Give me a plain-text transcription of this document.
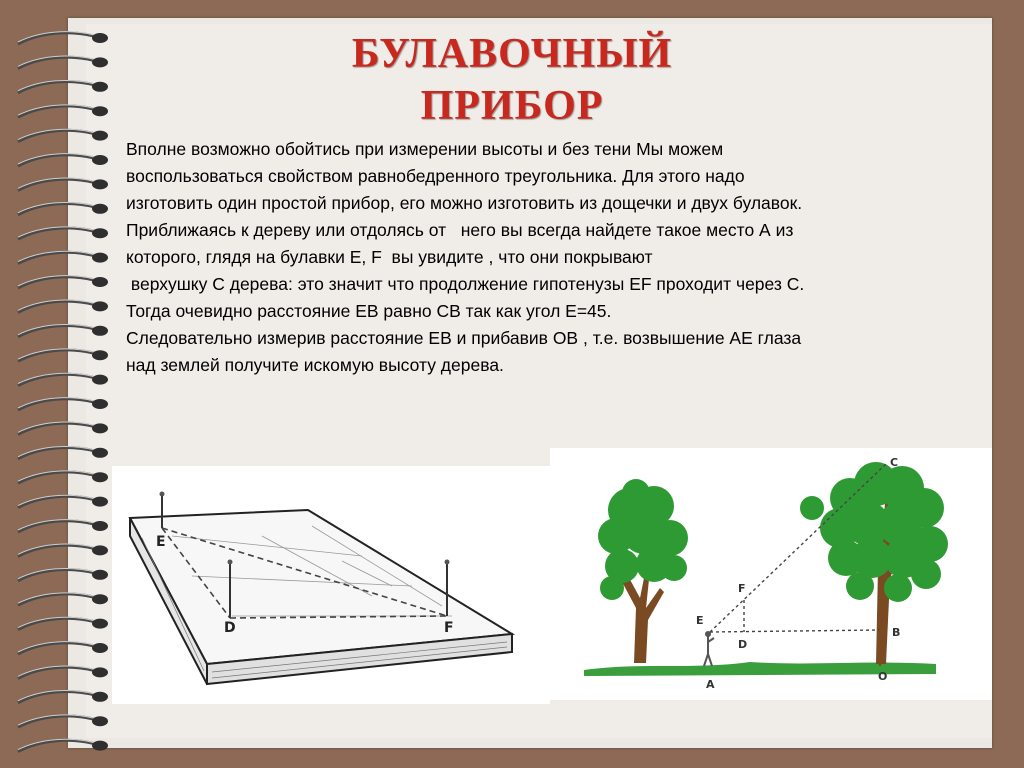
БУЛАВОЧНЫЙ
ПРИБОР
Вполне возможно обойтись при измерении высоты и без тени Мы можем
воспользоваться свойством равнобедренного треугольника. Для этого надо
изготовить один простой прибор, его можно изготовить из дощечки и двух булавок.
Приближаясь к дереву или отдолясь от   него вы всегда найдете такое место А из
которого, глядя на булавки Е, F  вы увидите , что они покрывают
верхушку С дерева: это значит что продолжение гипотенузы EF проходит через С.
Тогда очевидно расстояние ЕВ равно СВ так как угол Е=45.
Следовательно измерив расстояние ЕВ и прибавив ОВ , т.е. возвышение АЕ глаза
над землей получите искомую высоту дерева.
E
D	F
C
F
E
D
B
A
O
